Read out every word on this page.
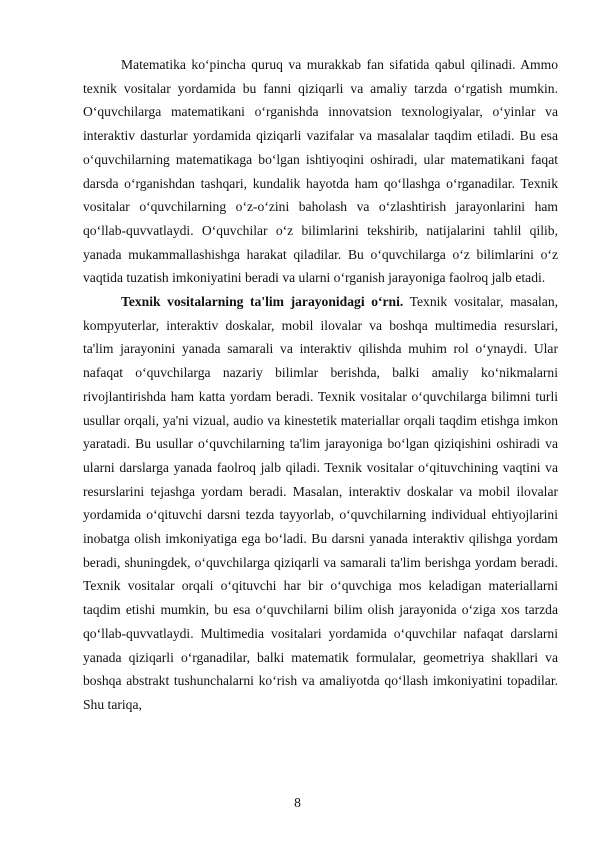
Matematika ko‘pincha quruq va murakkab fan sifatida qabul qilinadi. Ammo texnik vositalar yordamida bu fanni qiziqarli va amaliy tarzda o‘rgatish mumkin. O‘quvchilarga matematikani o‘rganishda innovatsion texnologiyalar, o‘yinlar va interaktiv dasturlar yordamida qiziqarli vazifalar va masalalar taqdim etiladi. Bu esa o‘quvchilarning matematikaga bo‘lgan ishtiyoqini oshiradi, ular matematikani faqat darsda o‘rganishdan tashqari, kundalik hayotda ham qo‘llashga o‘rganadilar. Texnik vositalar o‘quvchilarning o‘z-o‘zini baholash va o‘zlashtirish jarayonlarini ham qo‘llab-quvvatlaydi. O‘quvchilar o‘z bilimlarini tekshirib, natijalarini tahlil qilib, yanada mukammallashishga harakat qiladilar. Bu o‘quvchilarga o‘z bilimlarini o‘z vaqtida tuzatish imkoniyatini beradi va ularni o‘rganish jarayoniga faolroq jalb etadi.

Texnik vositalarning ta'lim jarayonidagi o‘rni. Texnik vositalar, masalan, kompyuterlar, interaktiv doskalar, mobil ilovalar va boshqa multimedia resurslari, ta'lim jarayonini yanada samarali va interaktiv qilishda muhim rol o‘ynaydi. Ular nafaqat o‘quvchilarga nazariy bilimlar berishda, balki amaliy ko‘nikmalarni rivojlantirishda ham katta yordam beradi. Texnik vositalar o‘quvchilarga bilimni turli usullar orqali, ya'ni vizual, audio va kinestetik materiallar orqali taqdim etishga imkon yaratadi. Bu usullar o‘quvchilarning ta'lim jarayoniga bo‘lgan qiziqishini oshiradi va ularni darslarga yanada faolroq jalb qiladi. Texnik vositalar o‘qituvchining vaqtini va resurslarini tejashga yordam beradi. Masalan, interaktiv doskalar va mobil ilovalar yordamida o‘qituvchi darsni tezda tayyorlab, o‘quvchilarning individual ehtiyojlarini inobatga olish imkoniyatiga ega bo‘ladi. Bu darsni yanada interaktiv qilishga yordam beradi, shuningdek, o‘quvchilarga qiziqarli va samarali ta'lim berishga yordam beradi. Texnik vositalar orqali o‘qituvchi har bir o‘quvchiga mos keladigan materiallarni taqdim etishi mumkin, bu esa o‘quvchilarni bilim olish jarayonida o‘ziga xos tarzda qo‘llab-quvvatlaydi. Multimedia vositalari yordamida o‘quvchilar nafaqat darslarni yanada qiziqarli o‘rganadilar, balki matematik formulalar, geometriya shakllari va boshqa abstrakt tushunchalarni ko‘rish va amaliyotda qo‘llash imkoniyatini topadilar. Shu tariqa,

8
